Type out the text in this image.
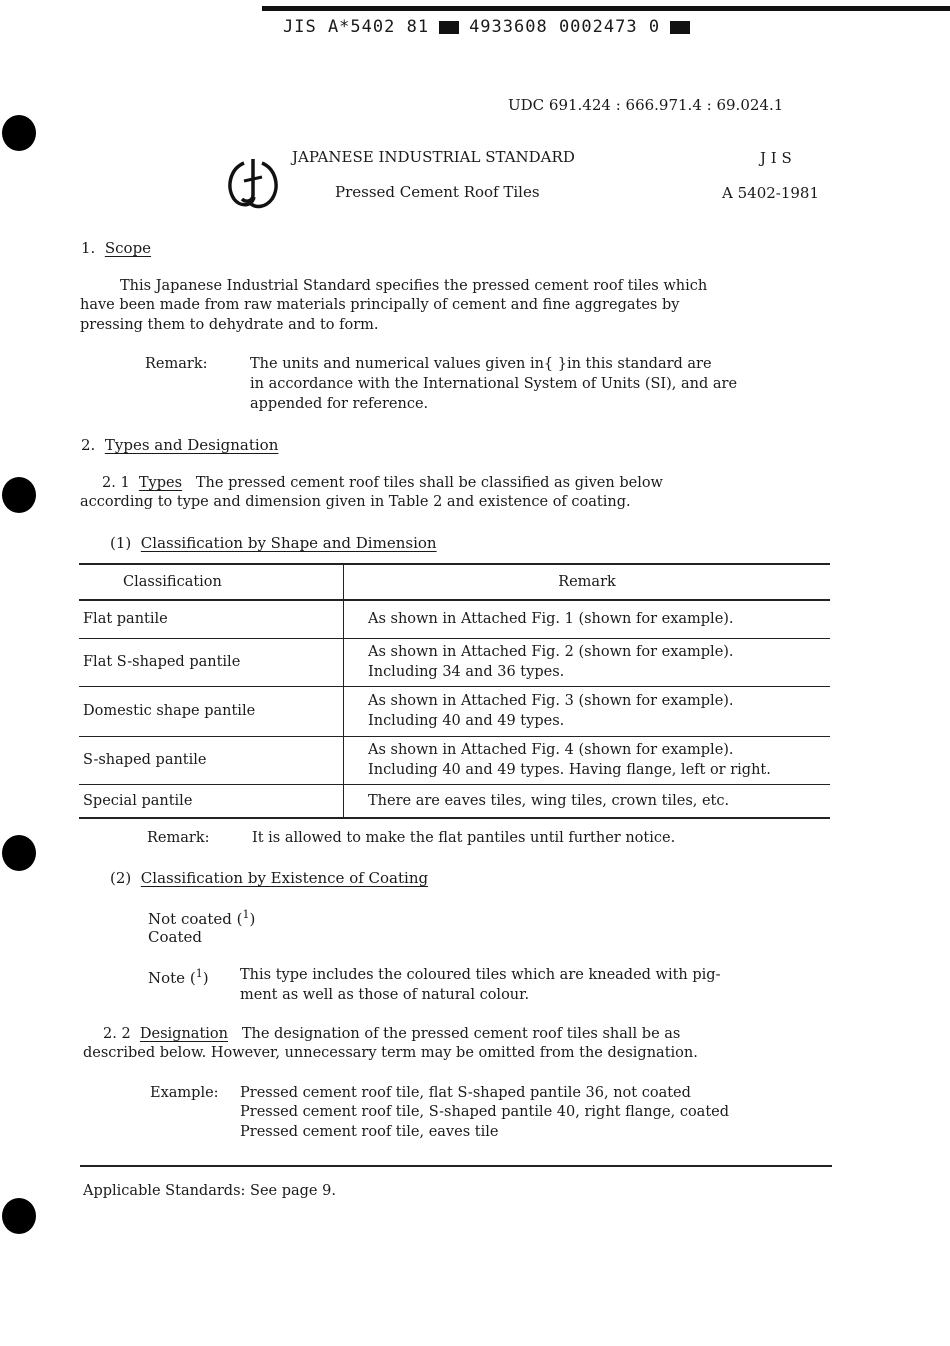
JIS A*5402 81 4933608 0002473 0
UDC 691.424 : 666.971.4 : 69.024.1
JAPANESE INDUSTRIAL STANDARD
Pressed Cement Roof Tiles
J I S
A 5402-1981
1. Scope
This Japanese Industrial Standard specifies the pressed cement roof tiles which
have been made from raw materials principally of cement and fine aggregates by
pressing them to dehydrate and to form.
Remark:	The units and numerical values given in{ }in this standard are
in accordance with the International System of Units (SI), and are
appended for reference.
2. Types and Designation
2. 1 Types The pressed cement roof tiles shall be classified as given below
according to type and dimension given in Table 2 and existence of coating.
(1) Classification by Shape and Dimension
Classification	Remark
Flat pantile	As shown in Attached Fig. 1 (shown for example).

Flat S-shaped pantile	As shown in Attached Fig. 2 (shown for example).
Including 34 and 36 types.

Domestic shape pantile	As shown in Attached Fig. 3 (shown for example).
Including 40 and 49 types.

S-shaped pantile	As shown in Attached Fig. 4 (shown for example).
Including 40 and 49 types. Having flange, left or right.

Special pantile	There are eaves tiles, wing tiles, crown tiles, etc.
Remark:	It is allowed to make the flat pantiles until further notice.
(2) Classification by Existence of Coating
Not coated ($^1$)
Coated
Note ($^1$) This type includes the coloured tiles which are kneaded with pig-
ment as well as those of natural colour.
2. 2 Designation The designation of the pressed cement roof tiles shall be as
described below. However, unnecessary term may be omitted from the designation.
Example: Pressed cement roof tile, flat S-shaped pantile 36, not coated
Pressed cement roof tile, S-shaped pantile 40, right flange, coated
Pressed cement roof tile, eaves tile
Applicable Standards: See page 9.
